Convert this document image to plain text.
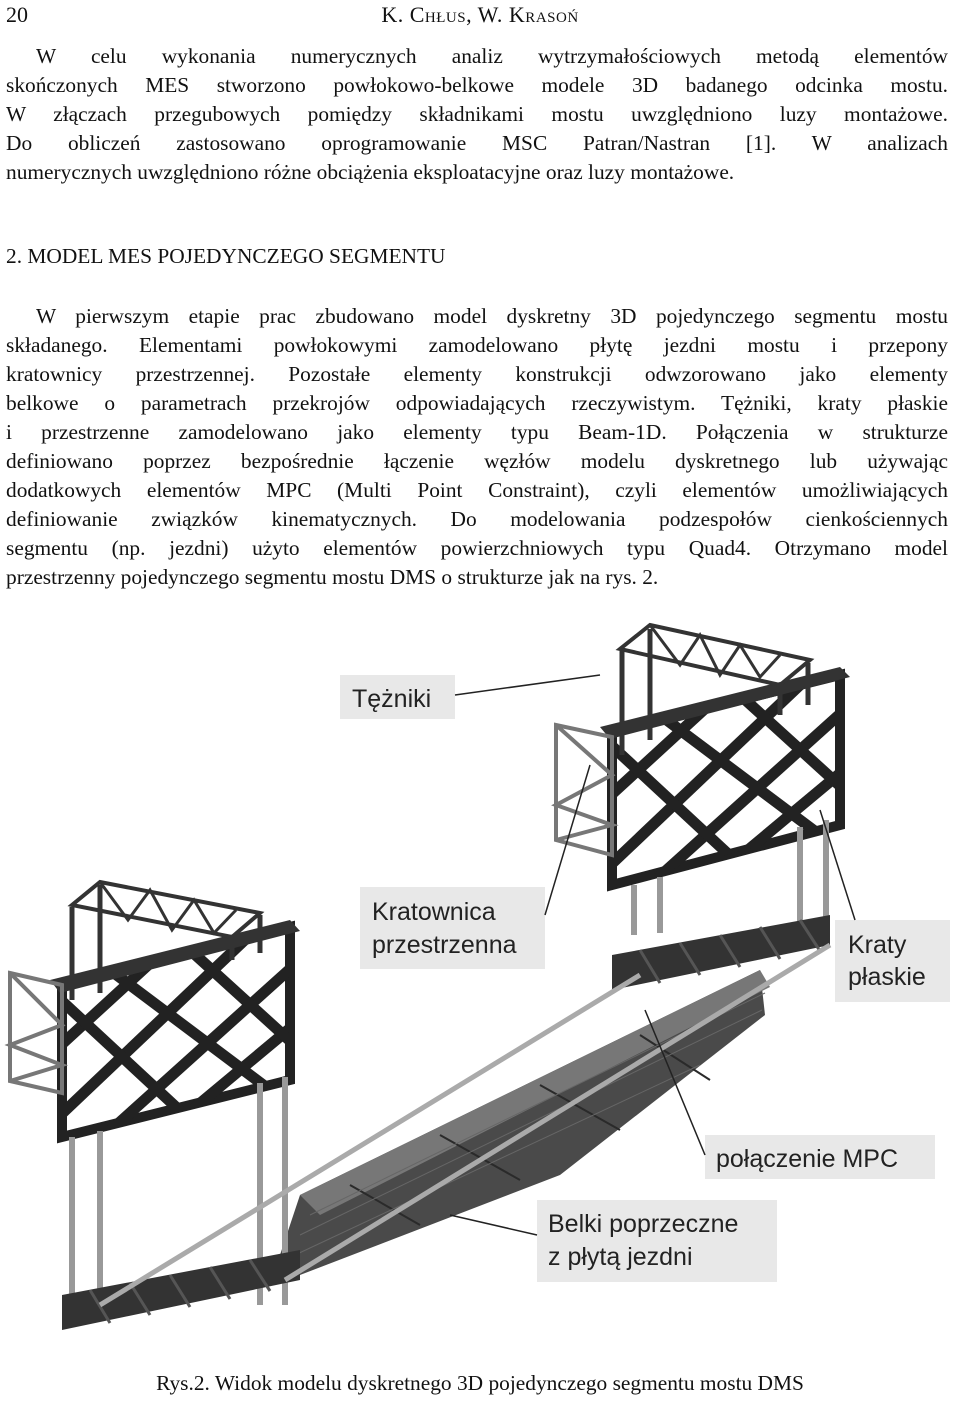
20	K. Chłus, W. Krasoń
W celu wykonania numerycznych analiz wytrzymałościowych metodą elementów
skończonych MES stworzono powłokowo-belkowe modele 3D badanego odcinka mostu.
W złączach przegubowych pomiędzy składnikami mostu uwzględniono luzy montażowe.
Do obliczeń zastosowano oprogramowanie MSC Patran/Nastran [1]. W analizach
numerycznych uwzględniono różne obciążenia eksploatacyjne oraz luzy montażowe.
2. MODEL MES POJEDYNCZEGO SEGMENTU
W pierwszym etapie prac zbudowano model dyskretny 3D pojedynczego segmentu mostu
składanego. Elementami powłokowymi zamodelowano płytę jezdni mostu i przepony
kratownicy przestrzennej. Pozostałe elementy konstrukcji odwzorowano jako elementy
belkowe o parametrach przekrojów odpowiadających rzeczywistym. Tężniki, kraty płaskie
i przestrzenne zamodelowano jako elementy typu Beam-1D. Połączenia w strukturze
definiowano poprzez bezpośrednie łączenie węzłów modelu dyskretnego lub używając
dodatkowych elementów MPC (Multi Point Constraint), czyli elementów umożliwiających
definiowanie związków kinematycznych. Do modelowania podzespołów cienkościennych
segmentu (np. jezdni) użyto elementów powierzchniowych typu Quad4. Otrzymano model
przestrzenny pojedynczego segmentu mostu DMS o strukturze jak na rys. 2.
Tężniki
Kratownica
przestrzenna	Kraty
płaskie
połączenie MPC
Belki poprzeczne
z płytą jezdni
Rys.2. Widok modelu dyskretnego 3D pojedynczego segmentu mostu DMS
